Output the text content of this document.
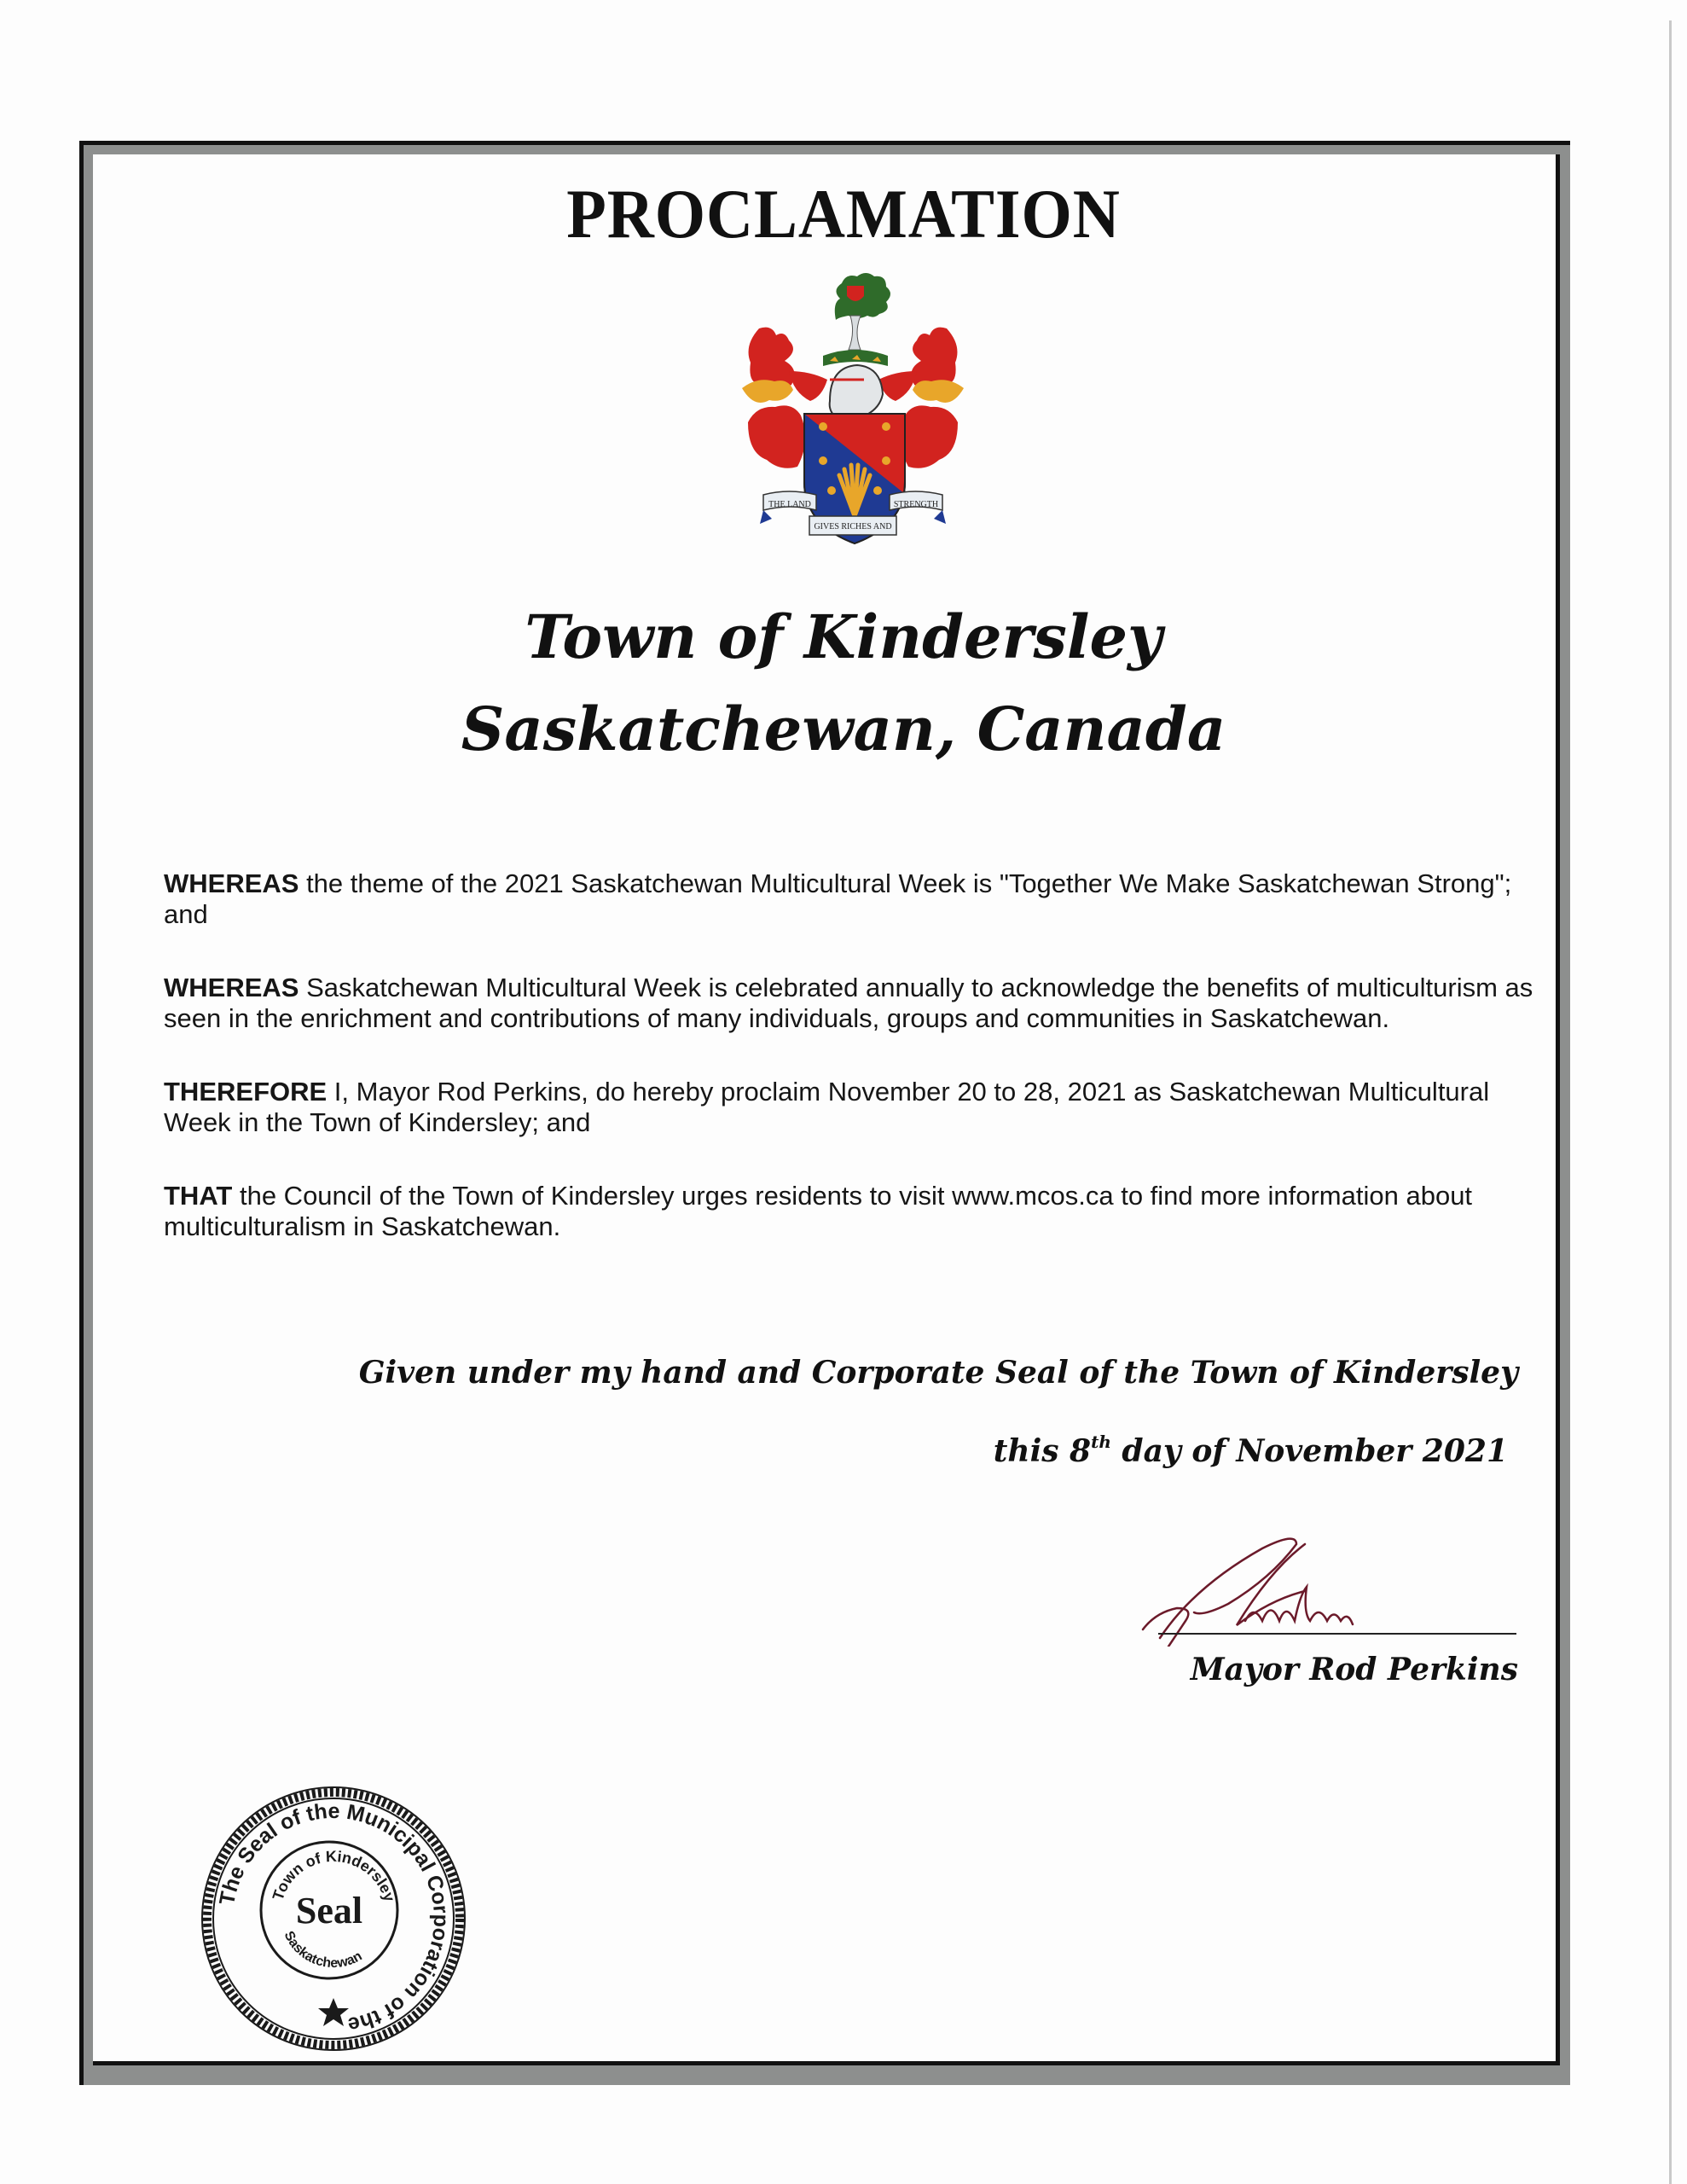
PROCLAMATION
THE LAND	STRENGTH
GIVES RICHES AND
Town of Kindersley
Saskatchewan, Canada

WHEREAS the theme of the 2021 Saskatchewan Multicultural Week is "Together We Make Saskatchewan Strong"; and

WHEREAS Saskatchewan Multicultural Week is celebrated annually to acknowledge the benefits of multiculturism as seen in the enrichment and contributions of many individuals, groups and communities in Saskatchewan.

THEREFORE I, Mayor Rod Perkins, do hereby proclaim November 20 to 28, 2021 as Saskatchewan Multicultural Week in the Town of Kindersley; and

THAT the Council of the Town of Kindersley urges residents to visit www.mcos.ca to find more information about multiculturalism in Saskatchewan.

Given under my hand and Corporate Seal of the Town of Kindersley
this 8th day of November 2021
Mayor Rod Perkins
The Seal of the Municipal Corporation of the
Town of Kindersley
Saskatchewan
Seal
